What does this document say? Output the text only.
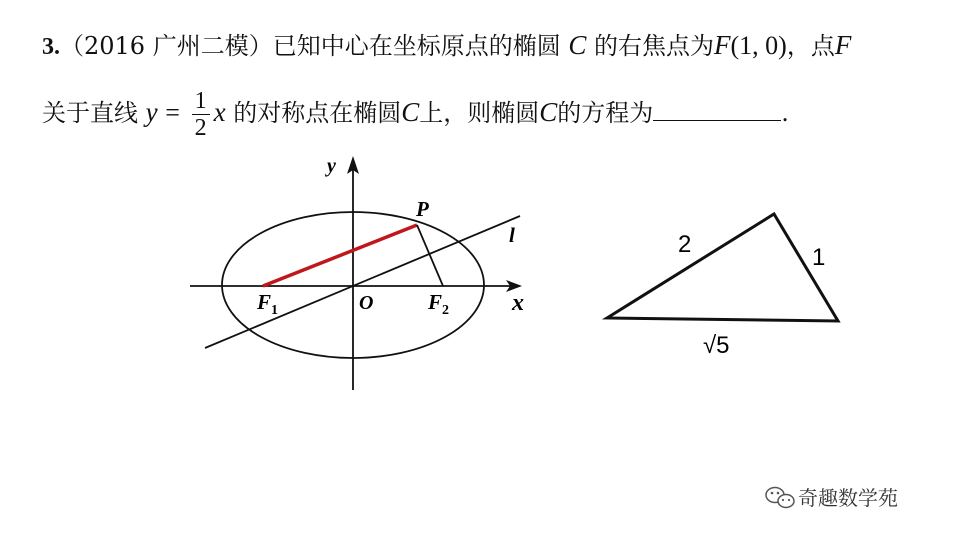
3.（2016 广州二模）已知中心在坐标原点的椭圆 C 的右焦点为F(1, 0)，点F
关于直线 $y = \frac{1}{2}$ x 的对称点在椭圆C上，则椭圆C的方程为	.
y
x
P
l
O
$F_1$	$F_2$
2	1
√5
奇趣数学苑
